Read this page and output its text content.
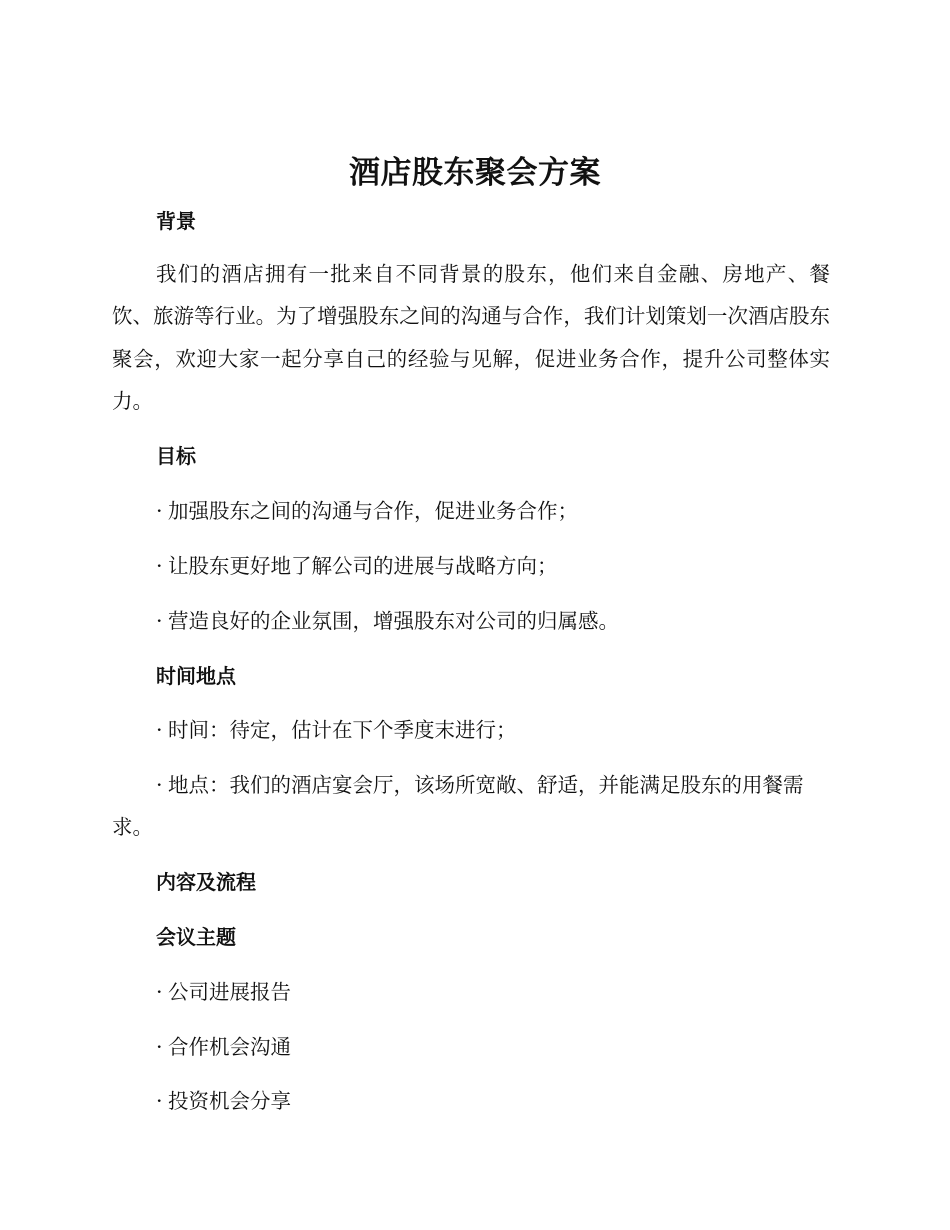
酒店股东聚会方案
背景

我们的酒店拥有一批来自不同背景的股东，他们来自金融、房地产、餐饮、旅游等行业。为了增强股东之间的沟通与合作，我们计划策划一次酒店股东聚会，欢迎大家一起分享自己的经验与见解，促进业务合作，提升公司整体实力。

目标
· 加强股东之间的沟通与合作，促进业务合作；
· 让股东更好地了解公司的进展与战略方向；
· 营造良好的企业氛围，增强股东对公司的归属感。
时间地点
· 时间：待定，估计在下个季度末进行；

· 地点：我们的酒店宴会厅，该场所宽敞、舒适，并能满足股东的用餐需求。

内容及流程
会议主题
· 公司进展报告
· 合作机会沟通
· 投资机会分享
